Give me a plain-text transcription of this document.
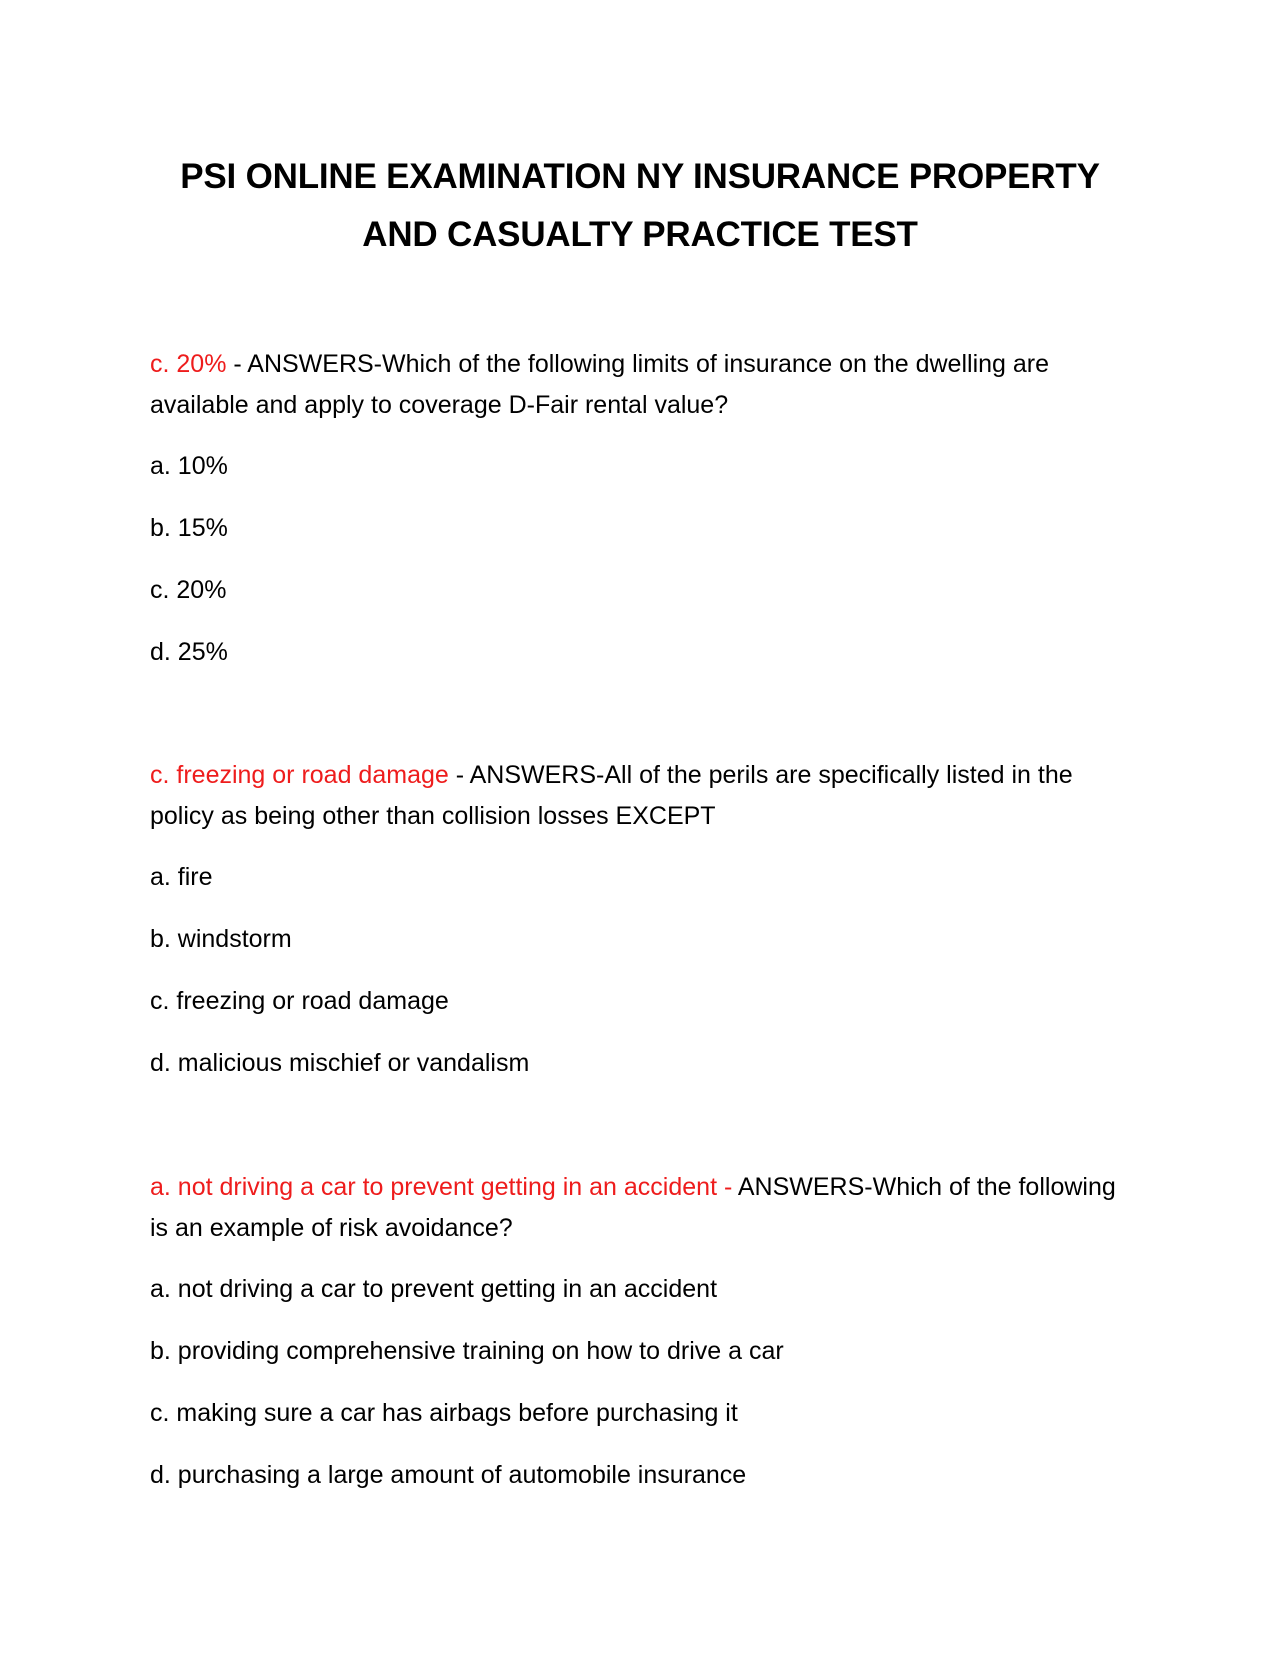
PSI ONLINE EXAMINATION NY INSURANCE PROPERTY AND CASUALTY PRACTICE TEST

c. 20% - ANSWERS-Which of the following limits of insurance on the dwelling are available and apply to coverage D-Fair rental value?

a. 10%
b. 15%
c. 20%
d. 25%

c. freezing or road damage - ANSWERS-All of the perils are specifically listed in the policy as being other than collision losses EXCEPT

a. fire
b. windstorm
c. freezing or road damage
d. malicious mischief or vandalism

a. not driving a car to prevent getting in an accident - ANSWERS-Which of the following is an example of risk avoidance?

a. not driving a car to prevent getting in an accident
b. providing comprehensive training on how to drive a car
c. making sure a car has airbags before purchasing it
d. purchasing a large amount of automobile insurance
